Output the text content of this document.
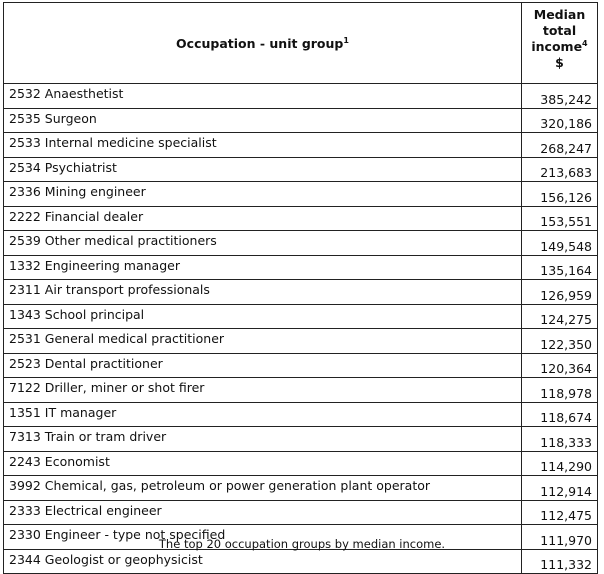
Occupation - unit group$^1$	Median
total
income$^4$
$
2532 Anaesthetist	385,242
2535 Surgeon	320,186
2533 Internal medicine specialist	268,247
2534 Psychiatrist	213,683
2336 Mining engineer	156,126
2222 Financial dealer	153,551
2539 Other medical practitioners	149,548
1332 Engineering manager	135,164
2311 Air transport professionals	126,959
1343 School principal	124,275
2531 General medical practitioner	122,350
2523 Dental practitioner	120,364
7122 Driller, miner or shot firer	118,978
1351 IT manager	118,674
7313 Train or tram driver	118,333
2243 Economist	114,290
3992 Chemical, gas, petroleum or power generation plant operator	112,914
2333 Electrical engineer	112,475
2330 Engineer - type not specified	111,970
2344 Geologist or geophysicist	111,332
The top 20 occupation groups by median income.
